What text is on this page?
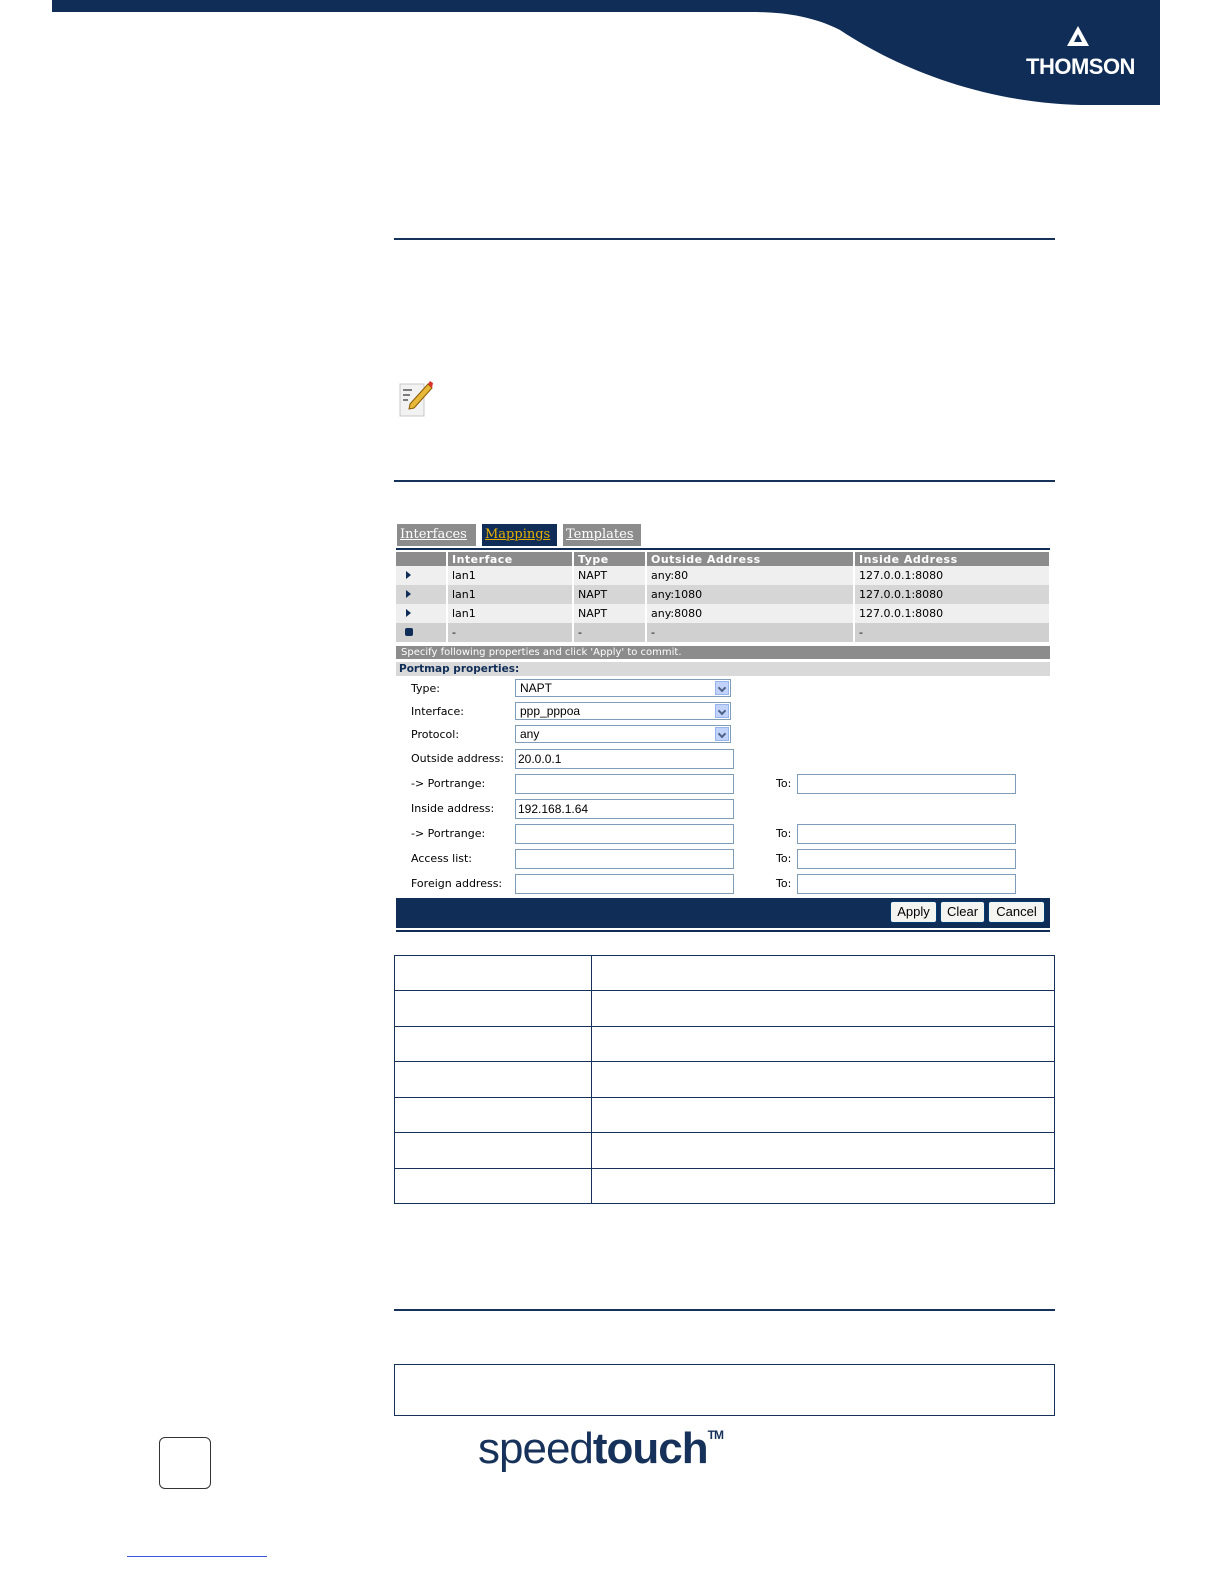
THOMSON
Interfaces	Mappings	Templates
	Interface	Type	Outside Address	Inside Address
	lan1	NAPT	any:80	127.0.0.1:8080
	lan1	NAPT	any:1080	127.0.0.1:8080
	lan1	NAPT	any:8080	127.0.0.1:8080
	-	-	-	-
Specify following properties and click 'Apply' to commit.
Portmap properties:
Type:	NAPT
Interface:	ppp_pppoa
Protocol:	any
Outside address: 20.0.0.1
-> Portrange:	To:
Inside address: 192.168.1.64
-> Portrange:	To:
Access list:	To:
Foreign address:	To:
Apply	Clear	Cancel

speedtouch™
